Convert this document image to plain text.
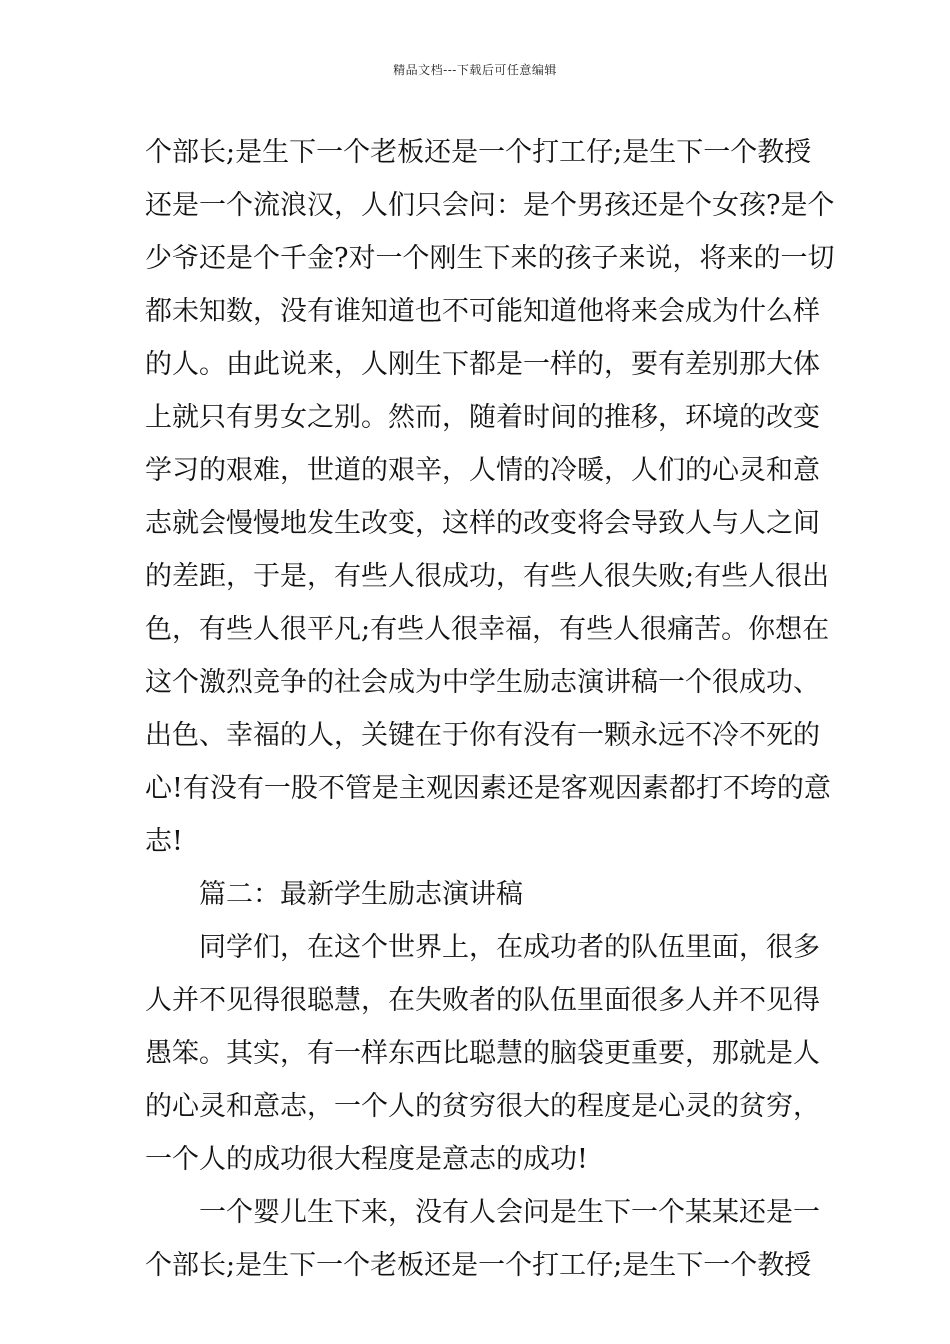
精品文档---下载后可任意编辑
个部长;是生下一个老板还是一个打工仔;是生下一个教授
还是一个流浪汉，人们只会问：是个男孩还是个女孩?是个
少爷还是个千金?对一个刚生下来的孩子来说，将来的一切
都未知数，没有谁知道也不可能知道他将来会成为什么样
的人。由此说来，人刚生下都是一样的，要有差别那大体
上就只有男女之别。然而，随着时间的推移，环境的改变
学习的艰难，世道的艰辛，人情的冷暖，人们的心灵和意
志就会慢慢地发生改变，这样的改变将会导致人与人之间
的差距，于是，有些人很成功，有些人很失败;有些人很出
色，有些人很平凡;有些人很幸福，有些人很痛苦。你想在
这个激烈竞争的社会成为中学生励志演讲稿一个很成功、
出色、幸福的人，关键在于你有没有一颗永远不冷不死的
心!有没有一股不管是主观因素还是客观因素都打不垮的意
志!
篇二：最新学生励志演讲稿
同学们，在这个世界上，在成功者的队伍里面，很多
人并不见得很聪慧，在失败者的队伍里面很多人并不见得
愚笨。其实，有一样东西比聪慧的脑袋更重要，那就是人
的心灵和意志，一个人的贫穷很大的程度是心灵的贫穷，
一个人的成功很大程度是意志的成功!
一个婴儿生下来，没有人会问是生下一个某某还是一
个部长;是生下一个老板还是一个打工仔;是生下一个教授
